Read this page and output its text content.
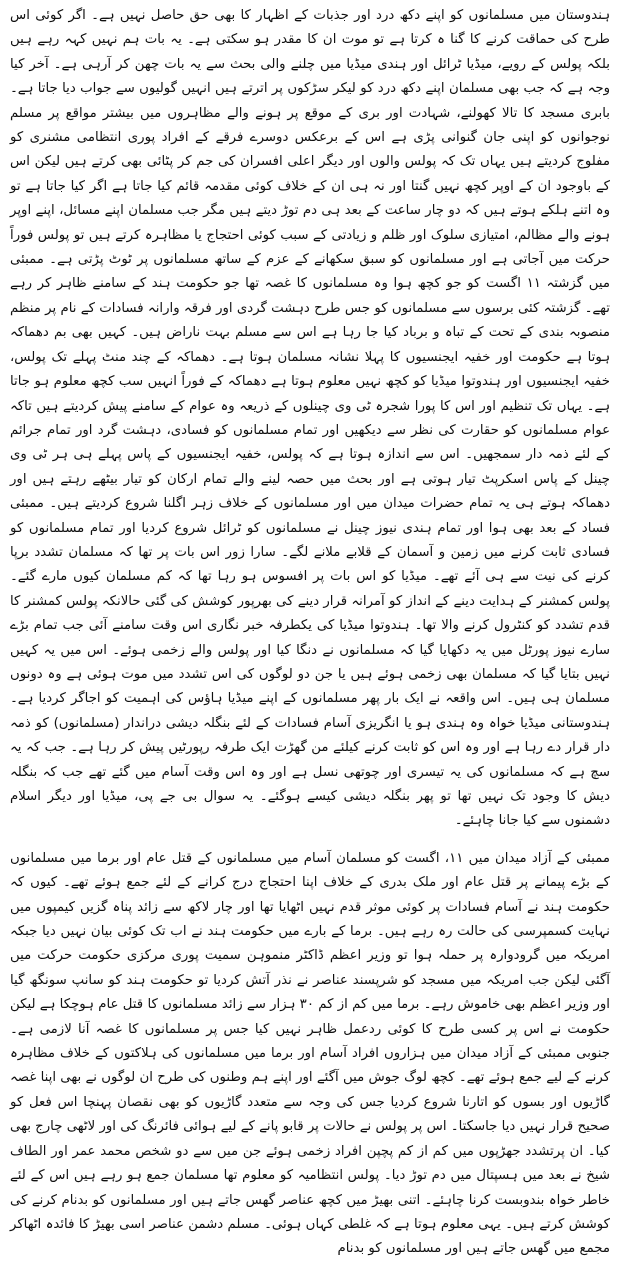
ہندوستان میں مسلمانوں کو اپنے دکھ درد اور جذبات کے اظہار کا بھی حق حاصل نہیں ہے۔ اگر کوئی اس طرح کی حماقت کرنے کا گنا ہ کرتا ہے تو موت ان کا مقدر ہو سکتی ہے۔ یہ بات ہم نہیں کہہ رہے ہیں بلکہ پولس کے رویے، میڈیا ٹرائل اور ہندی میڈیا میں چلنے والی بحث سے یہ بات چھن کر آرہی ہے۔ آخر کیا وجہ ہے کہ جب بھی مسلمان اپنے دکھ درد کو لیکر سڑکوں پر اترتے ہیں انہیں گولیوں سے جواب دیا جاتا ہے۔ بابری مسجد کا تالا کھولنے، شہادت اور بری کے موقع پر ہونے والے مظاہروں میں بیشتر مواقع پر مسلم نوجوانوں کو اپنی جان گنوانی پڑی ہے اس کے برعکس دوسرے فرقے کے افراد پوری انتظامی مشنری کو مفلوج کردیتے ہیں یہاں تک کہ پولس والوں اور دیگر اعلی افسران کی جم کر پٹائی بھی کرتے ہیں لیکن اس کے باوجود ان کے اوپر کچھ نہیں گنتا اور نہ ہی ان کے خلاف کوئی مقدمہ قائم کیا جاتا ہے اگر کیا جاتا ہے تو وہ اتنے ہلکے ہوتے ہیں کہ دو چار ساعت کے بعد ہی دم توڑ دیتے ہیں مگر جب مسلمان اپنے مسائل، اپنے اوپر ہونے والے مظالم، امتیازی سلوک اور ظلم و زیادتی کے سبب کوئی احتجاج یا مظاہرہ کرتے ہیں تو پولس فوراً حرکت میں آجاتی ہے اور مسلمانوں کو سبق سکھانے کے عزم کے ساتھ مسلمانوں پر ٹوٹ پڑتی ہے۔ ممبئی میں گزشتہ ۱۱ اگست کو جو کچھ ہوا وہ مسلمانوں کا غصہ تھا جو حکومت ہند کے سامنے ظاہر کر رہے تھے۔ گزشتہ کئی برسوں سے مسلمانوں کو جس طرح دہشت گردی اور فرقہ وارانہ فسادات کے نام پر منظم منصوبہ بندی کے تحت کے تباہ و برباد کیا جا رہا ہے اس سے مسلم بہت ناراض ہیں۔ کہیں بھی بم دھماکہ ہوتا ہے حکومت اور خفیہ ایجنسیوں کا پہلا نشانہ مسلمان ہوتا ہے۔ دھماکہ کے چند منٹ پہلے تک پولس، خفیہ ایجنسیوں اور ہندوتوا میڈیا کو کچھ نہیں معلوم ہوتا ہے دھماکہ کے فوراً انہیں سب کچھ معلوم ہو جاتا ہے۔ یہاں تک تنظیم اور اس کا پورا شجرہ ٹی وی چینلوں کے ذریعہ وہ عوام کے سامنے پیش کردیتے ہیں تاکہ عوام مسلمانوں کو حقارت کی نظر سے دیکھیں اور تمام مسلمانوں کو فسادی، دہشت گرد اور تمام جرائم کے لئے ذمہ دار سمجھیں۔ اس سے اندازہ ہوتا ہے کہ پولس، خفیہ ایجنسیوں کے پاس پہلے ہی ہر ٹی وی چینل کے پاس اسکرپٹ تیار ہوتی ہے اور بحث میں حصہ لینے والے تمام ارکان کو تیار بیٹھے رہتے ہیں اور دھماکہ ہوتے ہی یہ تمام حضرات میدان میں اور مسلمانوں کے خلاف زہر اگلنا شروع کردیتے ہیں۔ ممبئی فساد کے بعد بھی ہوا اور تمام ہندی نیوز چینل نے مسلمانوں کو ٹرائل شروع کردیا اور تمام مسلمانوں کو فسادی ثابت کرنے میں زمین و آسمان کے قلابے ملانے لگے۔ سارا زور اس بات پر تھا کہ مسلمان تشدد برپا کرنے کی نیت سے ہی آئے تھے۔ میڈیا کو اس بات پر افسوس ہو رہا تھا کہ کم مسلمان کیوں مارے گئے۔ پولس کمشنر کے ہدایت دینے کے انداز کو آمرانہ قرار دینے کی بھرپور کوشش کی گئی حالانکہ پولس کمشنر کا قدم تشدد کو کنٹرول کرنے والا تھا۔ ہندوتوا میڈیا کی یکطرفہ خبر نگاری اس وقت سامنے آئی جب تمام بڑے سارے نیوز پورٹل میں یہ دکھایا گیا کہ مسلمانوں نے دنگا کیا اور پولس والے زخمی ہوئے۔ اس میں یہ کہیں نہیں بتایا گیا کہ مسلمان بھی زخمی ہوئے ہیں یا جن دو لوگوں کی اس تشدد میں موت ہوئی ہے وہ دونوں مسلمان ہی ہیں۔ اس واقعہ نے ایک بار پھر مسلمانوں کے اپنے میڈیا ہاؤس کی اہمیت کو اجاگر کردیا ہے۔ ہندوستانی میڈیا خواہ وہ ہندی ہو یا انگریزی آسام فسادات کے لئے بنگلہ دیشی دراندار (مسلمانوں) کو ذمہ دار قرار دے رہا ہے اور وہ اس کو ثابت کرنے کیلئے من گھڑت ایک طرفہ رپورٹیں پیش کر رہا ہے۔ جب کہ یہ سچ ہے کہ مسلمانوں کی یہ تیسری اور چوتھی نسل ہے اور وہ اس وقت آسام میں گئے تھے جب کہ بنگلہ دیش کا وجود تک نہیں تھا تو پھر بنگلہ دیشی کیسے ہوگئے۔ یہ سوال بی جے پی، میڈیا اور دیگر اسلام دشمنوں سے کیا جانا چاہئے۔

ممبئی کے آزاد میدان میں ۱۱، اگست کو مسلمان آسام میں مسلمانوں کے قتل عام اور برما میں مسلمانوں کے بڑے پیمانے پر قتل عام اور ملک بدری کے خلاف اپنا احتجاج درج کرانے کے لئے جمع ہوئے تھے۔ کیوں کہ حکومت ہند نے آسام فسادات پر کوئی موثر قدم نہیں اٹھایا تھا اور چار لاکھ سے زائد پناہ گزیں کیمپوں میں نہایت کسمپرسی کی حالت رہ رہے ہیں۔ برما کے بارے میں حکومت ہند نے اب تک کوئی بیان نہیں دیا جبکہ امریکہ میں گرودوارہ پر حملہ ہوا تو وزیر اعظم ڈاکٹر منموہن سمیت پوری مرکزی حکومت حرکت میں آگئی لیکن جب امریکہ میں مسجد کو شرپسند عناصر نے نذر آتش کردیا تو حکومت ہند کو سانپ سونگھ گیا اور وزیر اعظم بھی خاموش رہے۔ برما میں کم از کم ۳۰ ہزار سے زائد مسلمانوں کا قتل عام ہوچکا ہے لیکن حکومت نے اس پر کسی طرح کا کوئی ردعمل ظاہر نہیں کیا جس پر مسلمانوں کا غصہ آنا لازمی ہے۔ جنوبی ممبئی کے آزاد میدان میں ہزاروں افراد آسام اور برما میں مسلمانوں کی ہلاکتوں کے خلاف مظاہرہ کرنے کے لیے جمع ہوئے تھے۔ کچھ لوگ جوش میں آگئے اور اپنے ہم وطنوں کی طرح ان لوگوں نے بھی اپنا غصہ گاڑیوں اور بسوں کو اتارنا شروع کردیا جس کی وجہ سے متعدد گاڑیوں کو بھی نقصان پہنچا اس فعل کو صحیح قرار نہیں دیا جاسکتا۔ اس پر پولس نے حالات پر قابو پانے کے لیے ہوائی فائرنگ کی اور لاٹھی چارج بھی کیا۔ ان پرتشدد جھڑپوں میں کم از کم پچپن افراد زخمی ہوئے جن میں سے دو شخص محمد عمر اور الطاف شیخ نے بعد میں ہسپتال میں دم توڑ دیا۔ پولس انتظامیہ کو معلوم تھا مسلمان جمع ہو رہے ہیں اس کے لئے خاطر خواہ بندوبست کرنا چاہئے۔ اتنی بھیڑ میں کچھ عناصر گھس جاتے ہیں اور مسلمانوں کو بدنام کرنے کی کوشش کرتے ہیں۔ یہی معلوم ہوتا ہے کہ غلطی کہاں ہوئی۔ مسلم دشمن عناصر اسی بھیڑ کا فائدہ اٹھاکر مجمع میں گھس جاتے ہیں اور مسلمانوں کو بدنام
